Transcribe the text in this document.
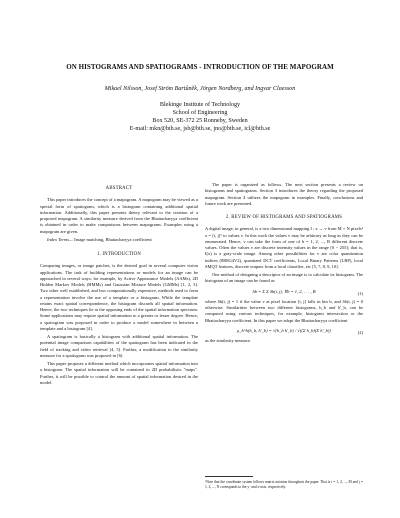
ON HISTOGRAMS AND SPATIOGRAMS - INTRODUCTION OF THE MAPOGRAM
Mikael Nilsson, Josef Ström Bartůněk, Jörgen Nordberg, and Ingvar Claesson
Blekinge Institute of Technology
School of Engineering
Box 520, SE-372 25 Ronneby, Sweden
E-mail: mkn@bth.se, jsb@bth.se, jno@bth.se, icl@bth.se
ABSTRACT

This paper introduces the concept of a mapogram. A mapogram may be viewed as a special form of spatiogram, which is a histogram containing additional spatial information. Additionally, this paper presents theory relevant to the creation of a proposed mapogram. A similarity measure derived from the Bhattacharyya coefficient is obtained in order to make comparisons between mapograms. Examples using a mapogram are given.

Index Terms— Image matching, Bhattacharyya coefficient

1. INTRODUCTION

Comparing images, or image patches, is the desired goal in several computer vision applications. The task of building representations or models for an image can be approached in several ways: for example, by Active Appearance Models (AAMs), 2D Hidden Markov Models (HMMs) and Gaussian Mixture Models (GMMs) [1, 2, 3]. Two other well established, and less computationally expensive, methods used to form a representation involve the use of a template or a histogram. While the template retains exact spatial correspondence, the histogram discards all spatial information. Hence, the two techniques lie at the opposing ends of the spatial information spectrum. Some applications may require spatial information to a greater or lesser degree. Hence, a spatiogram was proposed in order to produce a model somewhere in between a template and a histogram [4].

A spatiogram is basically a histogram with additional spatial information. The potential image comparison capabilities of the spatiogram has been indicated in the field of tracking and video retrieval [4, 5]. Further, a modification to the similarity measure for a spatiogram was proposed in [6].

This paper proposes a different method which incorporates spatial information into a histogram. The spatial information will be contained in 2D probabilistic "maps". Further, it will be possible to control the amount of spatial information desired in the model.

The paper is organized as follows. The next section presents a review on histograms and spatiograms. Section 3 introduces the theory regarding the proposed mapogram. Section 4 utilizes the mapogram in examples. Finally, conclusions and future work are presented.

2. REVIEW OF HISTOGRAMS AND SPATIOGRAMS

A digital image, in general, is a two dimensional mapping I : x → v from M × N pixels¹ x = [i, j]ᵀ to values v. In this work the values v may be arbitrary as long as they can be enumerated. Hence, v can take the form of one of b = 1, 2, ..., B different discrete values. Often the values v are discrete intensity values in the range [0 − 255]; that is, I(x) is a gray-scale image. Among other possibilities for v are color quantization indices (8R8G4V2), quantized DCT coefficients, Local Binary Patterns (LBP), local SMQT features, discrete outputs from a local classifier, etc [5, 7, 8, 9, 10].

One method of designing a descriptor of an image is to calculate its histogram. The histogram of an image can be found as

hb = Σ Σ δb(i, j), ∀b = 1, 2, . . . , B	(1)

where δb(i, j) = 1 if the value v at pixel location [i, j] falls in bin b, and δb(i, j) = 0 otherwise. Similarities between two different histograms, h_b and h'_b, can be computed using various techniques, for example, histogram intersection or the Bhattacharyya coefficient. In this paper we adopt the Bhattacharyya coefficient

ρ_b^h(h_b, h'_b) = √(h_b h'_b) / √((Σ h_b)(Σ h'_b))	(2)

as the similarity measure.

¹Note that the coordinate system follows matrix notation throughout the paper. That is i = 1, 2, ..., M and j = 1, 2, ..., N corresponds to the y- and x-axis, respectively.
